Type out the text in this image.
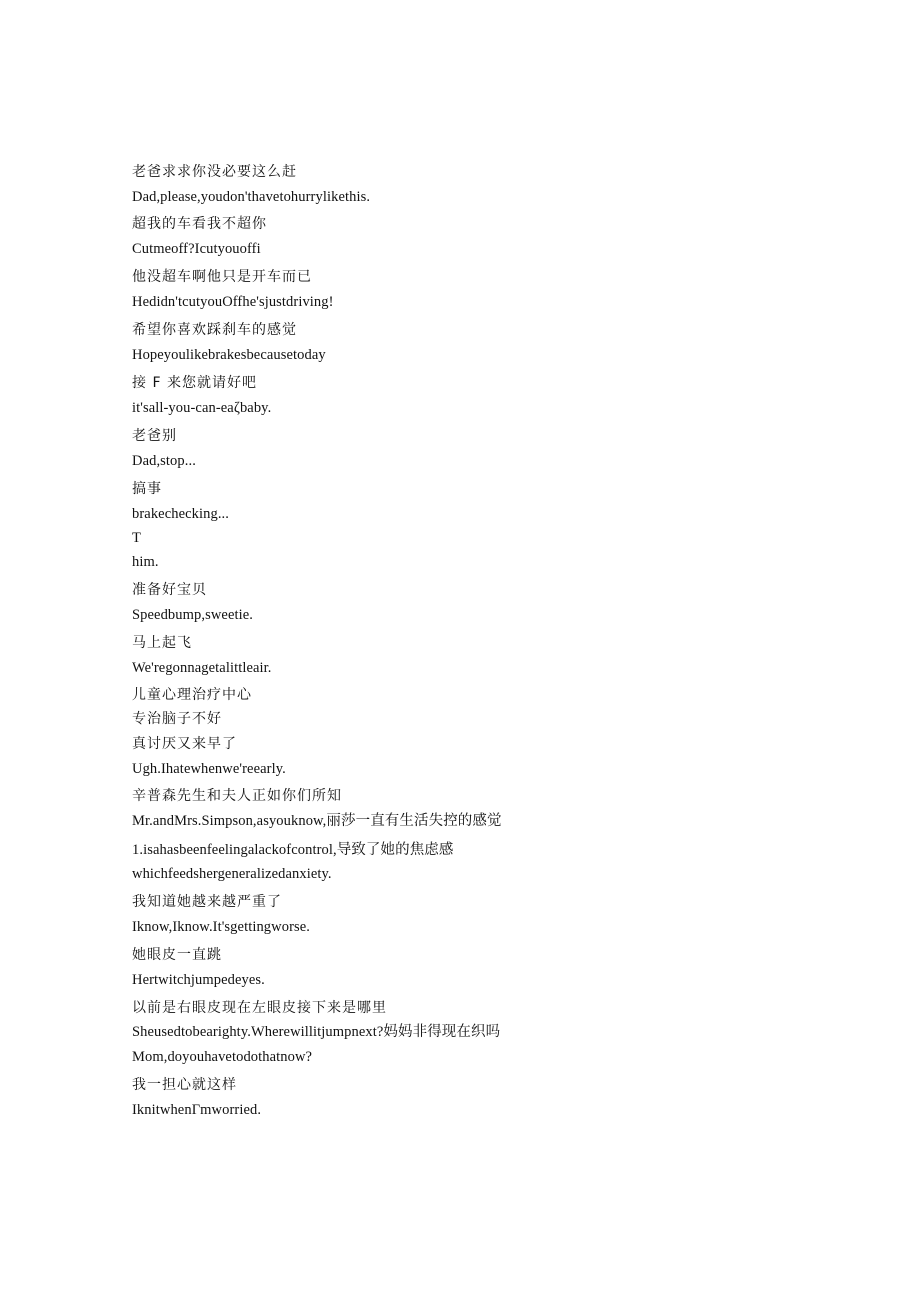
老爸求求你没必要这么赶
Dad,please,youdon'thavetohurrylikethis.
超我的车看我不超你
Cutmeoff?Icutyouoffi
他没超车啊他只是开车而已
Hedidn'tcutyouOffhe'sjustdriving!
希望你喜欢踩刹车的感觉
Hopeyoulikebrakesbecausetoday
接 F 来您就请好吧
it'sall-you-can-eaζbaby.
老爸别
Dad,stop...
搞事
brakechecking...
T
him.
准备好宝贝
Speedbump,sweetie.
马上起飞
We'regonnagetalittleair.
儿童心理治疗中心
专治脑子不好
真讨厌又来早了
Ugh.Ihatewhenwe'reearly.
辛普森先生和夫人正如你们所知
Mr.andMrs.Simpson,asyouknow,丽莎一直有生活失控的感觉
1.isahasbeenfeelingalackofcontrol,导致了她的焦虑感
whichfeedshergeneralizedanxiety.
我知道她越来越严重了
Iknow,Iknow.It'sgettingworse.
她眼皮一直跳
Hertwitchjumpedeyes.
以前是右眼皮现在左眼皮接下来是哪里
Sheusedtobearighty.Wherewillitjumpnext?妈妈非得现在织吗
Mom,doyouhavetodothatnow?
我一担心就这样
IknitwhenΓmworried.
